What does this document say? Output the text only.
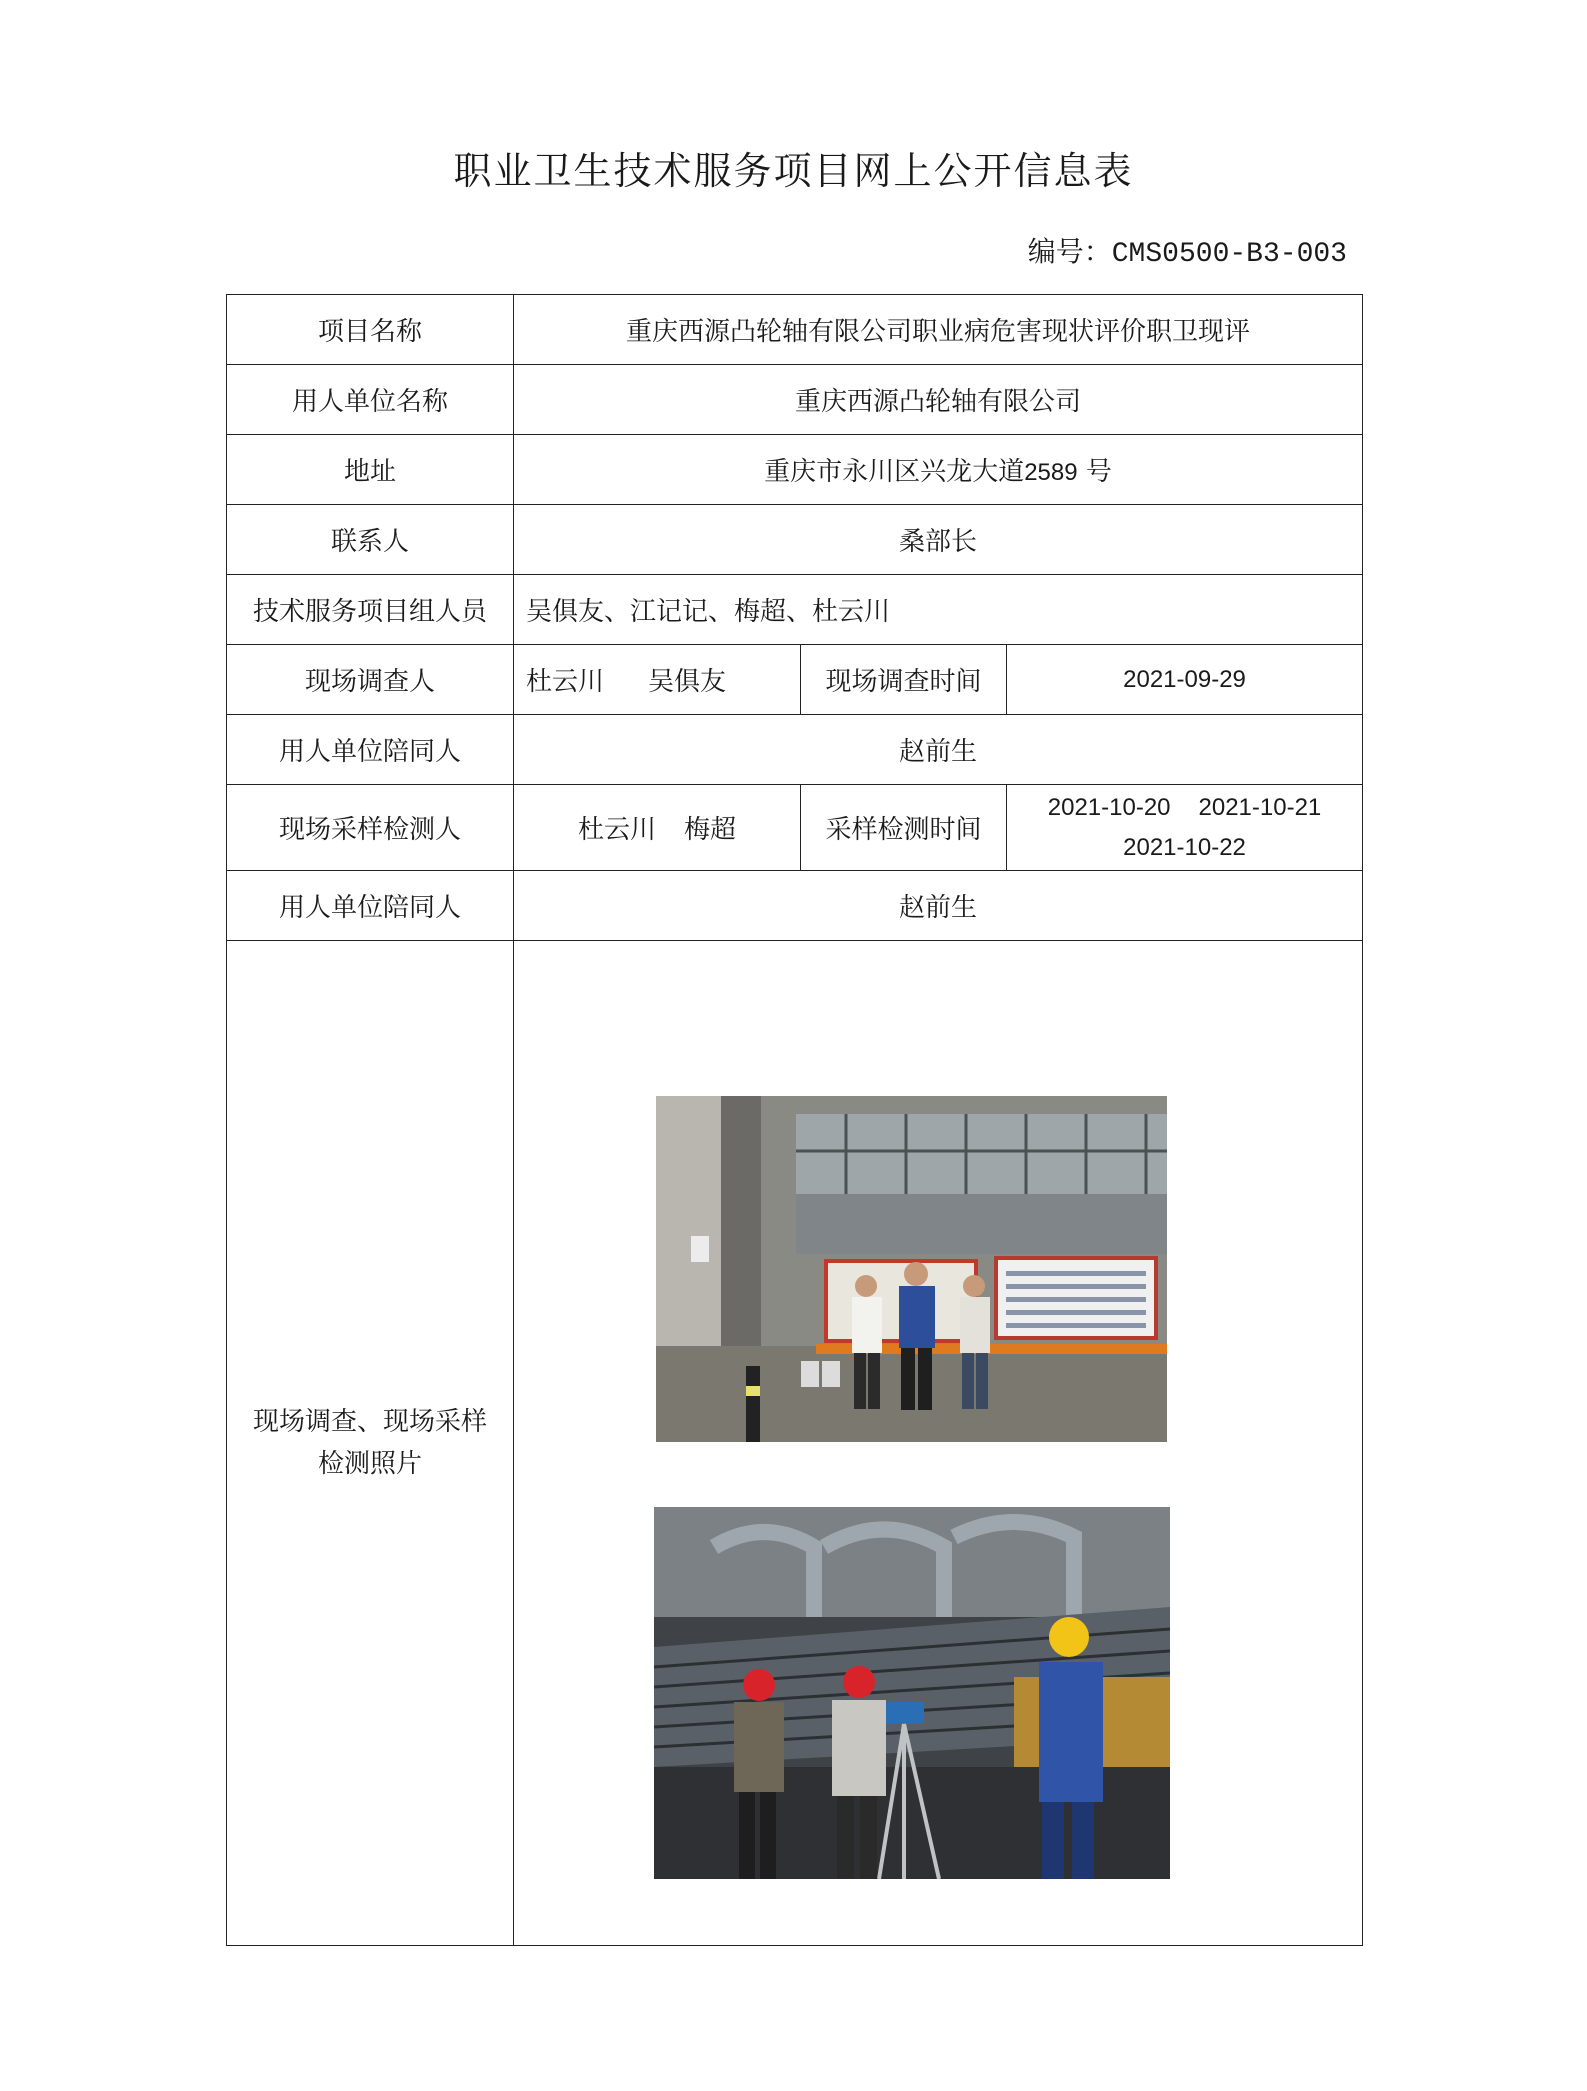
职业卫生技术服务项目网上公开信息表
编号：CMS0500-B3-003
项目名称	重庆西源凸轮轴有限公司职业病危害现状评价职卫现评		
用人单位名称	重庆西源凸轮轴有限公司		
地址	重庆市永川区兴龙大道2589 号		
联系人	桑部长		
技术服务项目组人员	吴俱友、江记记、梅超、杜云川		
现场调查人	杜云川 吴俱友	现场调查时间	2021-09-29
用人单位陪同人	赵前生		
现场采样检测人	杜云川 梅超	采样检测时间	2021-10-20 2021-10-21
2021-10-22
用人单位陪同人	赵前生		
现场调查、现场采样
检测照片	
